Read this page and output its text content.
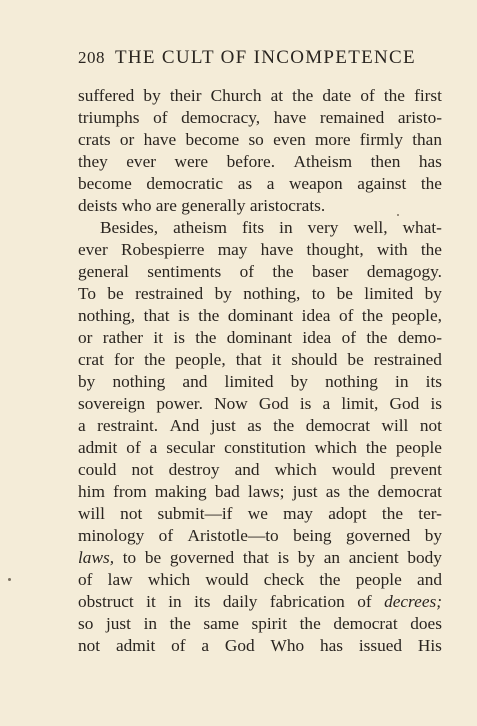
208 THE CULT OF INCOMPETENCE
suffered by their Church at the date of the first
triumphs of democracy, have remained aristo-
crats or have become so even more firmly than
they ever were before. Atheism then has
become democratic as a weapon against the
deists
who
are
generally
aristocrats.
Besides, atheism fits in very well, what-
ever Robespierre may have thought, with the
general sentiments of the baser demagogy.
To be restrained by nothing, to be limited by
nothing, that is the dominant idea of the people,
or rather it is the dominant idea of the demo-
crat for the people, that it should be restrained
by nothing and limited by nothing in its
sovereign power. Now God is a limit, God is
a restraint. And just as the democrat will not
admit of a secular constitution which the people
could not destroy and which would prevent
him from making bad laws; just as the democrat
will not submit—if we may adopt the ter-
minology of Aristotle—to being governed by
laws, to be governed that is by an ancient body
of law which would check the people and
obstruct it in its daily fabrication of decrees;
so just in the same spirit the democrat does
not admit of a God Who has issued His
